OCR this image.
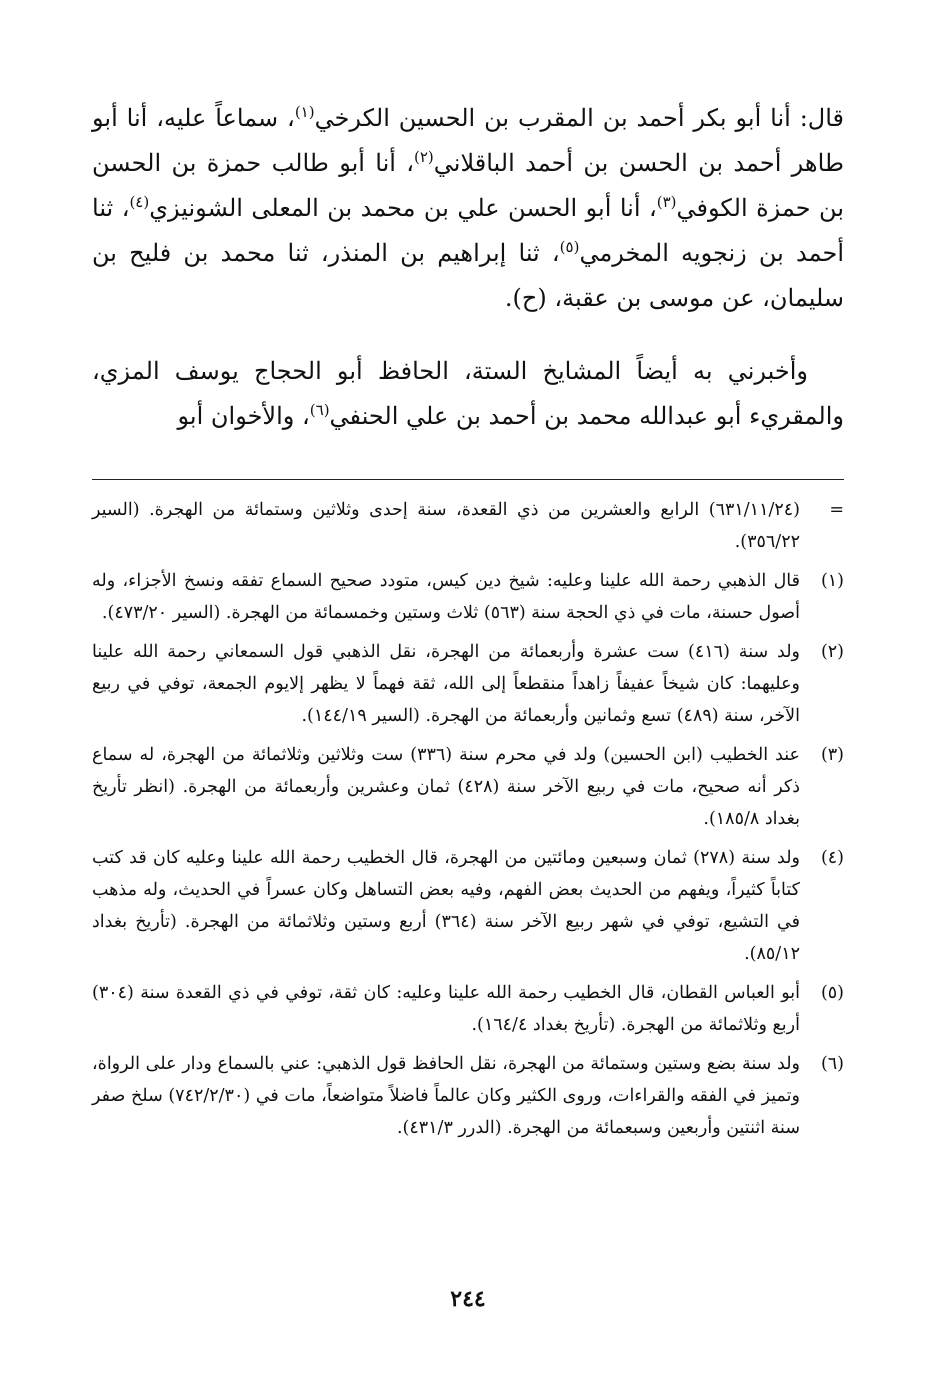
قال: أنا أبو بكر أحمد بن المقرب بن الحسين الكرخي$^{(١)}$، سماعاً عليه، أنا أبو طاهر أحمد بن الحسن بن أحمد الباقلاني$^{(٢)}$، أنا أبو طالب حمزة بن الحسن بن حمزة الكوفي$^{(٣)}$، أنا أبو الحسن علي بن محمد بن المعلى الشونيزي$^{(٤)}$، ثنا أحمد بن زنجويه المخرمي$^{(٥)}$، ثنا إبراهيم بن المنذر، ثنا محمد بن فليح بن سليمان، عن موسى بن عقبة، (ح).

وأخبرني به أيضاً المشايخ الستة، الحافظ أبو الحجاج يوسف المزي، والمقريء أبو عبدالله محمد بن أحمد بن علي الحنفي$^{(٦)}$، والأخوان أبو

=
(٦٣١/١١/٢٤) الرابع والعشرين من ذي القعدة، سنة إحدى وثلاثين وستمائة من الهجرة. (السير ٣٥٦/٢٢).
(١)
قال الذهبي رحمة الله علينا وعليه: شيخ دين كيس، متودد صحيح السماع تفقه ونسخ الأجزاء، وله أصول حسنة، مات في ذي الحجة سنة (٥٦٣) ثلاث وستين وخمسمائة من الهجرة. (السير ٤٧٣/٢٠).
(٢)
ولد سنة (٤١٦) ست عشرة وأربعمائة من الهجرة، نقل الذهبي قول السمعاني رحمة الله علينا وعليهما: كان شيخاً عفيفاً زاهداً منقطعاً إلى الله، ثقة فهماً لا يظهر إلايوم الجمعة، توفي في ربيع الآخر، سنة (٤٨٩) تسع وثمانين وأربعمائة من الهجرة. (السير ١٤٤/١٩).
(٣)
عند الخطيب (ابن الحسين) ولد في محرم سنة (٣٣٦) ست وثلاثين وثلاثمائة من الهجرة، له سماع ذكر أنه صحيح، مات في ربيع الآخر سنة (٤٢٨) ثمان وعشرين وأربعمائة من الهجرة. (انظر تأريخ بغداد ١٨٥/٨).
(٤)
ولد سنة (٢٧٨) ثمان وسبعين ومائتين من الهجرة، قال الخطيب رحمة الله علينا وعليه كان قد كتب كتاباً كثيراً، ويفهم من الحديث بعض الفهم، وفيه بعض التساهل وكان عسراً في الحديث، وله مذهب في التشيع، توفي في شهر ربيع الآخر سنة (٣٦٤) أربع وستين وثلاثمائة من الهجرة. (تأريخ بغداد ٨٥/١٢).
(٥)
أبو العباس القطان، قال الخطيب رحمة الله علينا وعليه: كان ثقة، توفي في ذي القعدة سنة (٣٠٤) أربع وثلاثمائة من الهجرة. (تأريخ بغداد ١٦٤/٤).
(٦)
ولد سنة بضع وستين وستمائة من الهجرة، نقل الحافظ قول الذهبي: عني بالسماع ودار على الرواة، وتميز في الفقه والقراءات، وروى الكثير وكان عالماً فاضلاً متواضعاً، مات في (٧٤٢/٢/٣٠) سلخ صفر سنة اثنتين وأربعين وسبعمائة من الهجرة. (الدرر ٤٣١/٣).
٢٤٤
